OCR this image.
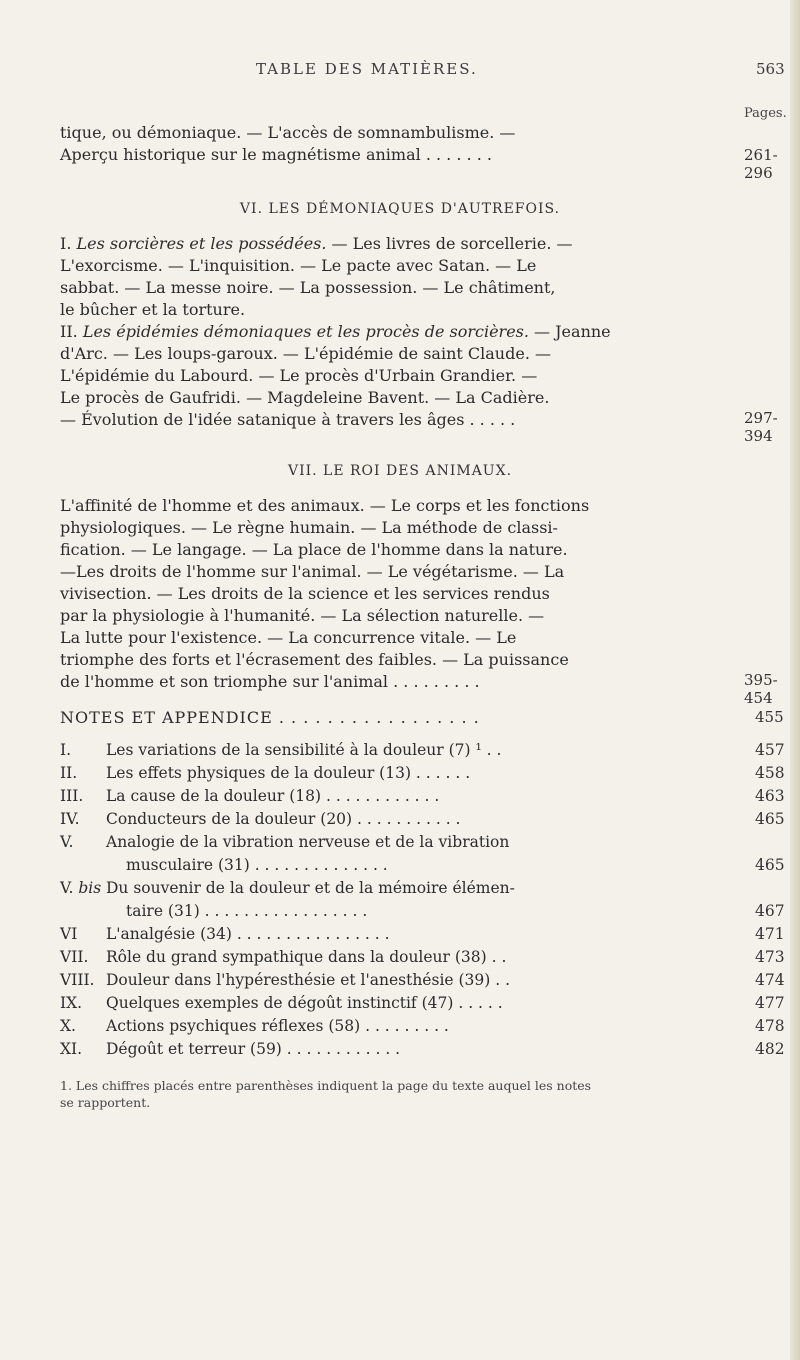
TABLE DES MATIÈRES.	563
Pages.
tique, ou démoniaque. — L'accès de somnambulisme. —
Aperçu historique sur le magnétisme animal . . . . . . .	261-296
VI. LES DÉMONIAQUES D'AUTREFOIS.
I. Les sorcières et les possédées. — Les livres de sorcellerie. —
L'exorcisme. — L'inquisition. — Le pacte avec Satan. — Le
sabbat. — La messe noire. — La possession. — Le châtiment,
le bûcher et la torture.
II. Les épidémies démoniaques et les procès de sorcières. — Jeanne
d'Arc. — Les loups-garoux. — L'épidémie de saint Claude. —
L'épidémie du Labourd. — Le procès d'Urbain Grandier. —
Le procès de Gaufridi. — Magdeleine Bavent. — La Cadière.
— Évolution de l'idée satanique à travers les âges . . . . .	297-394
VII. LE ROI DES ANIMAUX.
L'affinité de l'homme et des animaux. — Le corps et les fonctions
physiologiques. — Le règne humain. — La méthode de classi-
fication. — Le langage. — La place de l'homme dans la nature.
—Les droits de l'homme sur l'animal. — Le végétarisme. — La
vivisection. — Les droits de la science et les services rendus
par la physiologie à l'humanité. — La sélection naturelle. —
La lutte pour l'existence. — La concurrence vitale. — Le
triomphe des forts et l'écrasement des faibles. — La puissance
de l'homme et son triomphe sur l'animal . . . . . . . . .	395-454
NOTES ET APPENDICE . . . . . . . . . . . . . . . . .	455
I. Les variations de la sensibilité à la douleur (7) ¹ . .	457
II. Les effets physiques de la douleur (13) . . . . . .	458
III. La cause de la douleur (18) . . . . . . . . . . . .	463
IV. Conducteurs de la douleur (20) . . . . . . . . . . .	465
V. Analogie de la vibration nerveuse et de la vibration
musculaire (31) . . . . . . . . . . . . . .	465
V. bis Du souvenir de la douleur et de la mémoire élémen-
taire (31) . . . . . . . . . . . . . . . . .	467
VI L'analgésie (34) . . . . . . . . . . . . . . . .	471
VII. Rôle du grand sympathique dans la douleur (38) . .	473
VIII. Douleur dans l'hypéresthésie et l'anesthésie (39) . .	474
IX. Quelques exemples de dégoût instinctif (47) . . . . .	477
X. Actions psychiques réflexes (58) . . . . . . . . .	478
XI. Dégoût et terreur (59) . . . . . . . . . . . .	482
1. Les chiffres placés entre parenthèses indiquent la page du texte auquel les notes
se rapportent.
